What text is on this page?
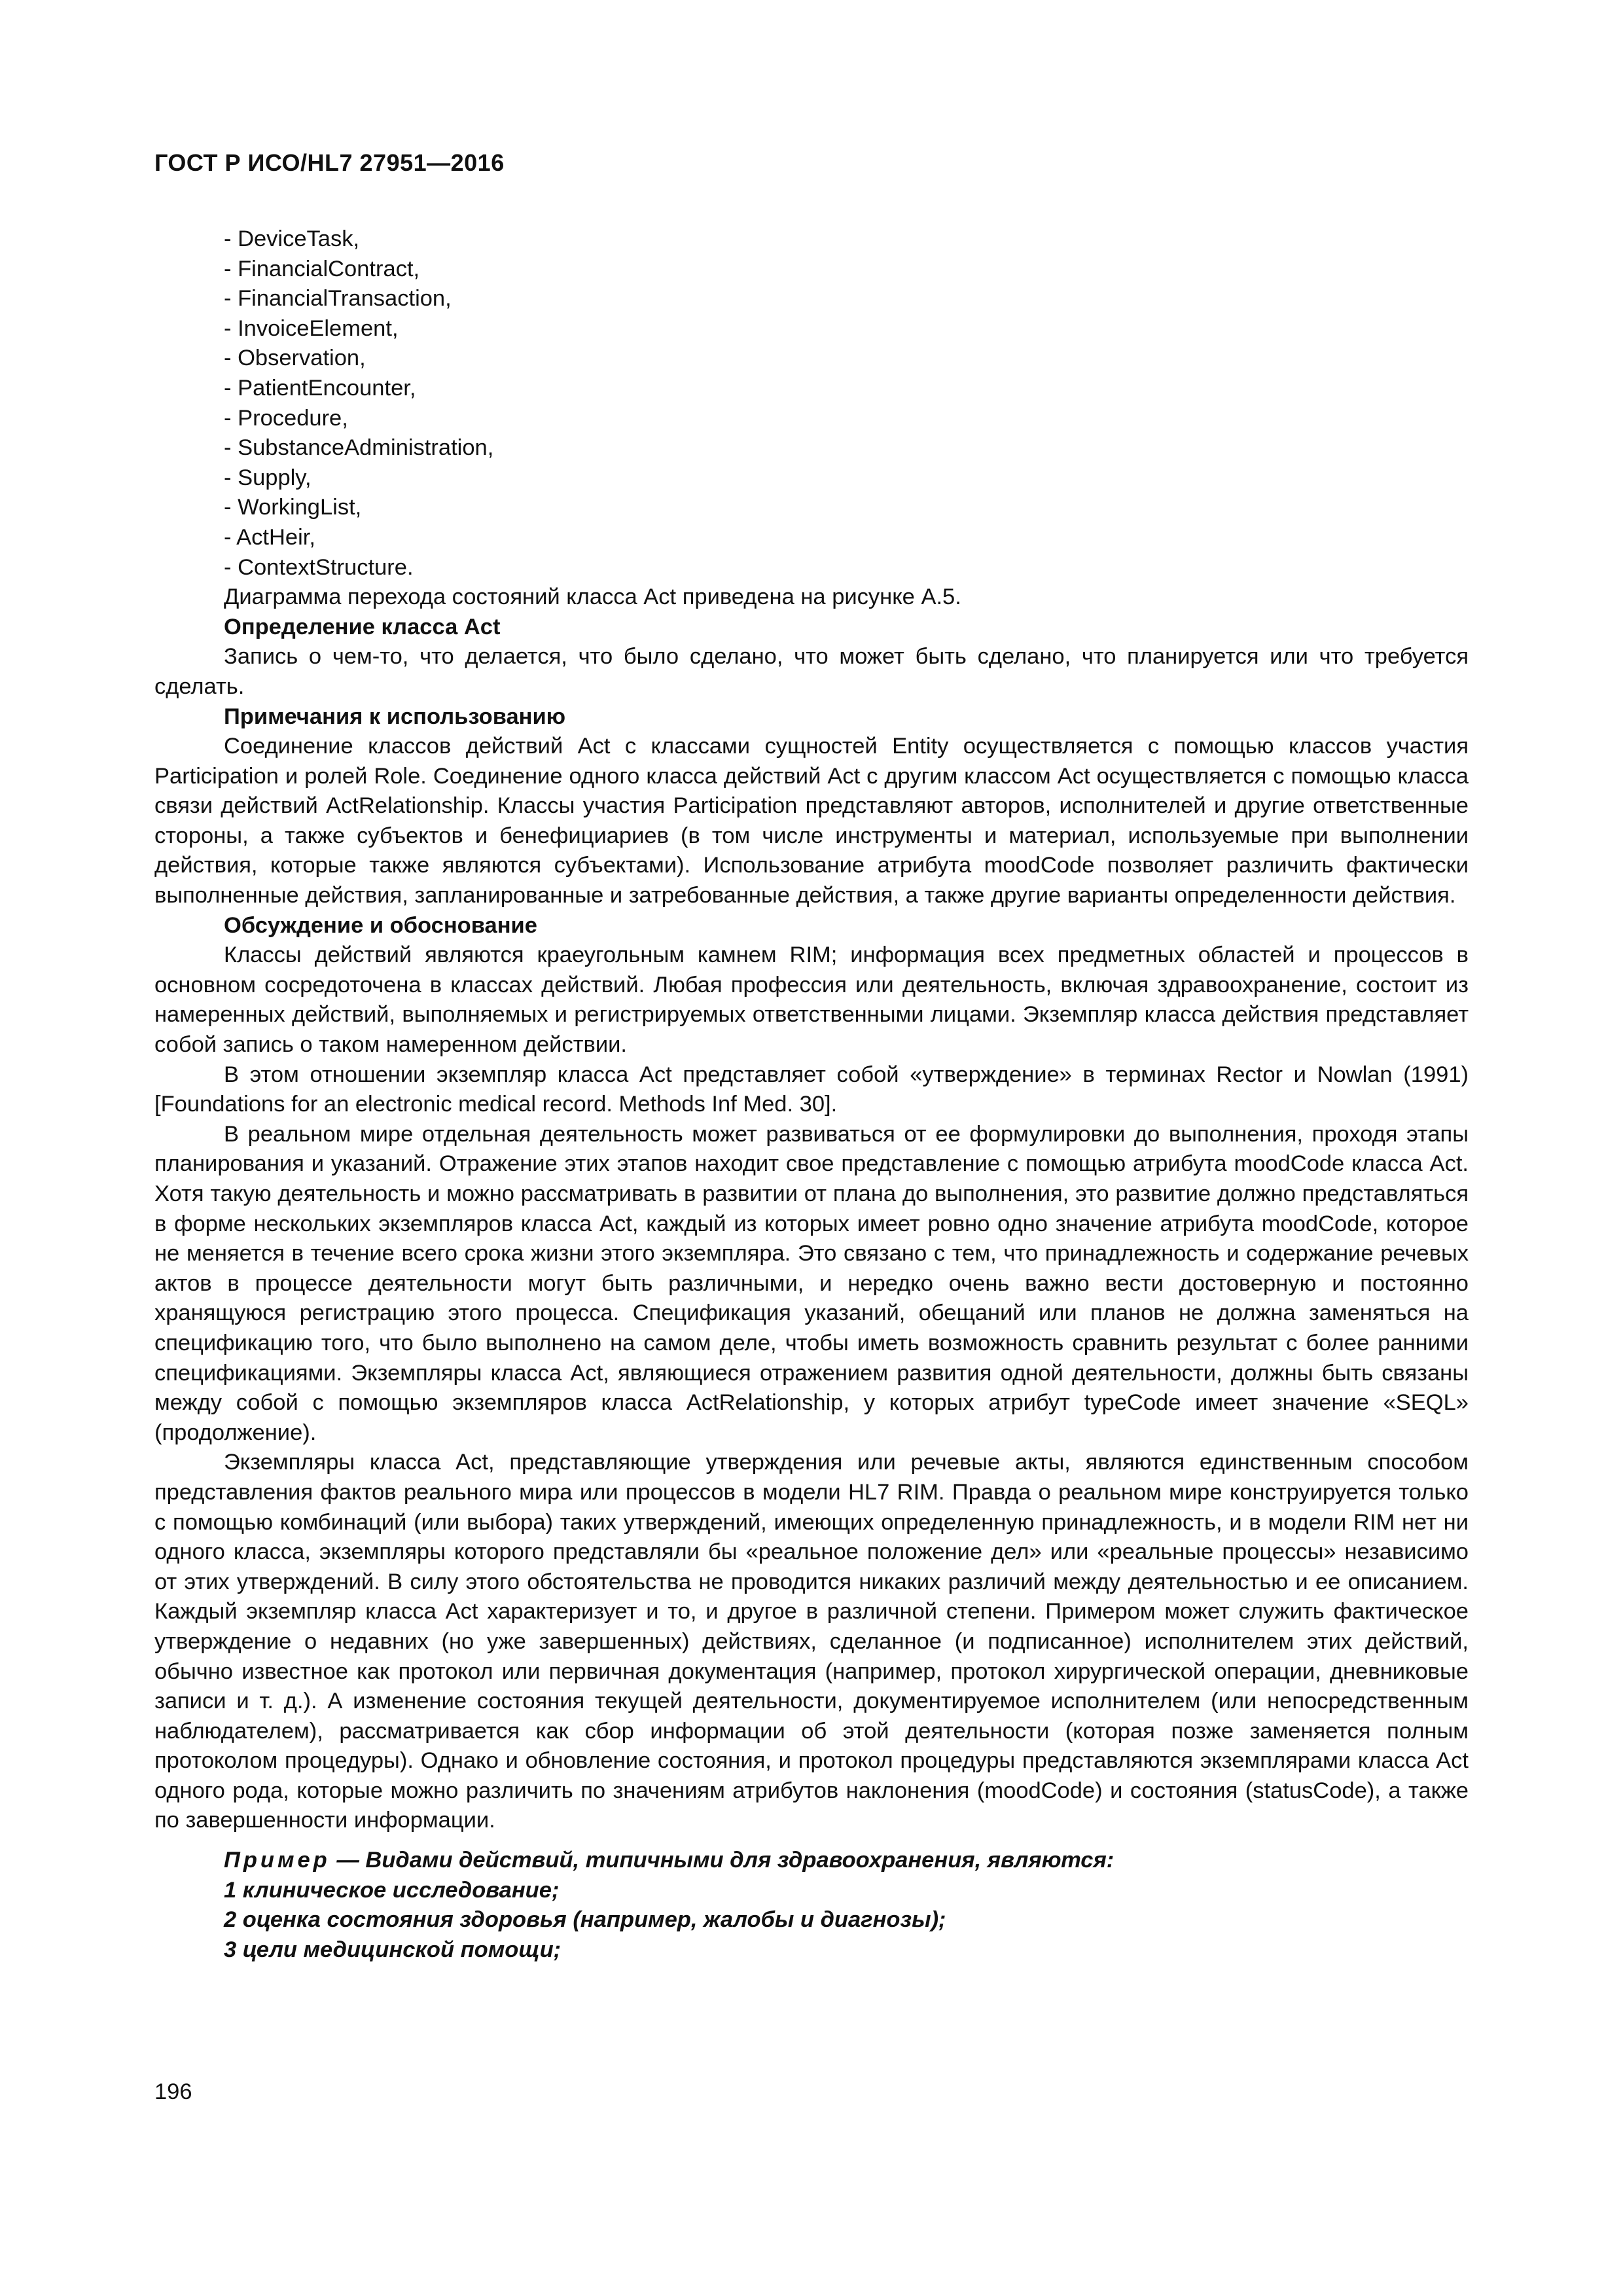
ГОСТ Р ИСО/HL7 27951—2016
- DeviceTask,
- FinancialContract,
- FinancialTransaction,
- InvoiceElement,
- Observation,
- PatientEncounter,
- Procedure,
- SubstanceAdministration,
- Supply,
- WorkingList,
- ActHeir,
- ContextStructure.

Диаграмма перехода состояний класса Act приведена на рисунке А.5.

Определение класса Act

Запись о чем-то, что делается, что было сделано, что может быть сделано, что планируется или что требуется сделать.

Примечания к использованию

Соединение классов действий Act с классами сущностей Entity осуществляется с помощью классов участия Participation и ролей Role. Соединение одного класса действий Act с другим классом Act осуществляется с помощью класса связи действий ActRelationship. Классы участия Participation представляют авторов, исполнителей и другие ответственные стороны, а также субъектов и бенефициариев (в том числе инструменты и материал, используемые при выполнении действия, которые также являются субъектами). Использование атрибута moodCode позволяет различить фактически выполненные действия, запланированные и затребованные действия, а также другие варианты определенности действия.

Обсуждение и обоснование

Классы действий являются краеугольным камнем RIM; информация всех предметных областей и процессов в основном сосредоточена в классах действий. Любая профессия или деятельность, включая здравоохранение, состоит из намеренных действий, выполняемых и регистрируемых ответственными лицами. Экземпляр класса действия представляет собой запись о таком намеренном действии.

В этом отношении экземпляр класса Act представляет собой «утверждение» в терминах Rector и Nowlan (1991) [Foundations for an electronic medical record. Methods Inf Med. 30].

В реальном мире отдельная деятельность может развиваться от ее формулировки до выполнения, проходя этапы планирования и указаний. Отражение этих этапов находит свое представление с помощью атрибута moodCode класса Act. Хотя такую деятельность и можно рассматривать в развитии от плана до выполнения, это развитие должно представляться в форме нескольких экземпляров класса Act, каждый из которых имеет ровно одно значение атрибута moodCode, которое не меняется в течение всего срока жизни этого экземпляра. Это связано с тем, что принадлежность и содержание речевых актов в процессе деятельности могут быть различными, и нередко очень важно вести достоверную и постоянно хранящуюся регистрацию этого процесса. Спецификация указаний, обещаний или планов не должна заменяться на спецификацию того, что было выполнено на самом деле, чтобы иметь возможность сравнить результат с более ранними спецификациями. Экземпляры класса Act, являющиеся отражением развития одной деятельности, должны быть связаны между собой с помощью экземпляров класса ActRelationship, у которых атрибут typeCode имеет значение «SEQL» (продолжение).

Экземпляры класса Act, представляющие утверждения или речевые акты, являются единственным способом представления фактов реального мира или процессов в модели HL7 RIM. Правда о реальном мире конструируется только с помощью комбинаций (или выбора) таких утверждений, имеющих определенную принадлежность, и в модели RIM нет ни одного класса, экземпляры которого представляли бы «реальное положение дел» или «реальные процессы» независимо от этих утверждений. В силу этого обстоятельства не проводится никаких различий между деятельностью и ее описанием. Каждый экземпляр класса Act характеризует и то, и другое в различной степени. Примером может служить фактическое утверждение о недавних (но уже завершенных) действиях, сделанное (и подписанное) исполнителем этих действий, обычно известное как протокол или первичная документация (например, протокол хирургической операции, дневниковые записи и т. д.). А изменение состояния текущей деятельности, документируемое исполнителем (или непосредственным наблюдателем), рассматривается как сбор информации об этой деятельности (которая позже заменяется полным протоколом процедуры). Однако и обновление состояния, и протокол процедуры представляются экземплярами класса Act одного рода, которые можно различить по значениям атрибутов наклонения (moodCode) и состояния (statusCode), а также по завершенности информации.

Пример — Видами действий, типичными для здравоохранения, являются:

1 клиническое исследование;

2 оценка состояния здоровья (например, жалобы и диагнозы);

3 цели медицинской помощи;

196
